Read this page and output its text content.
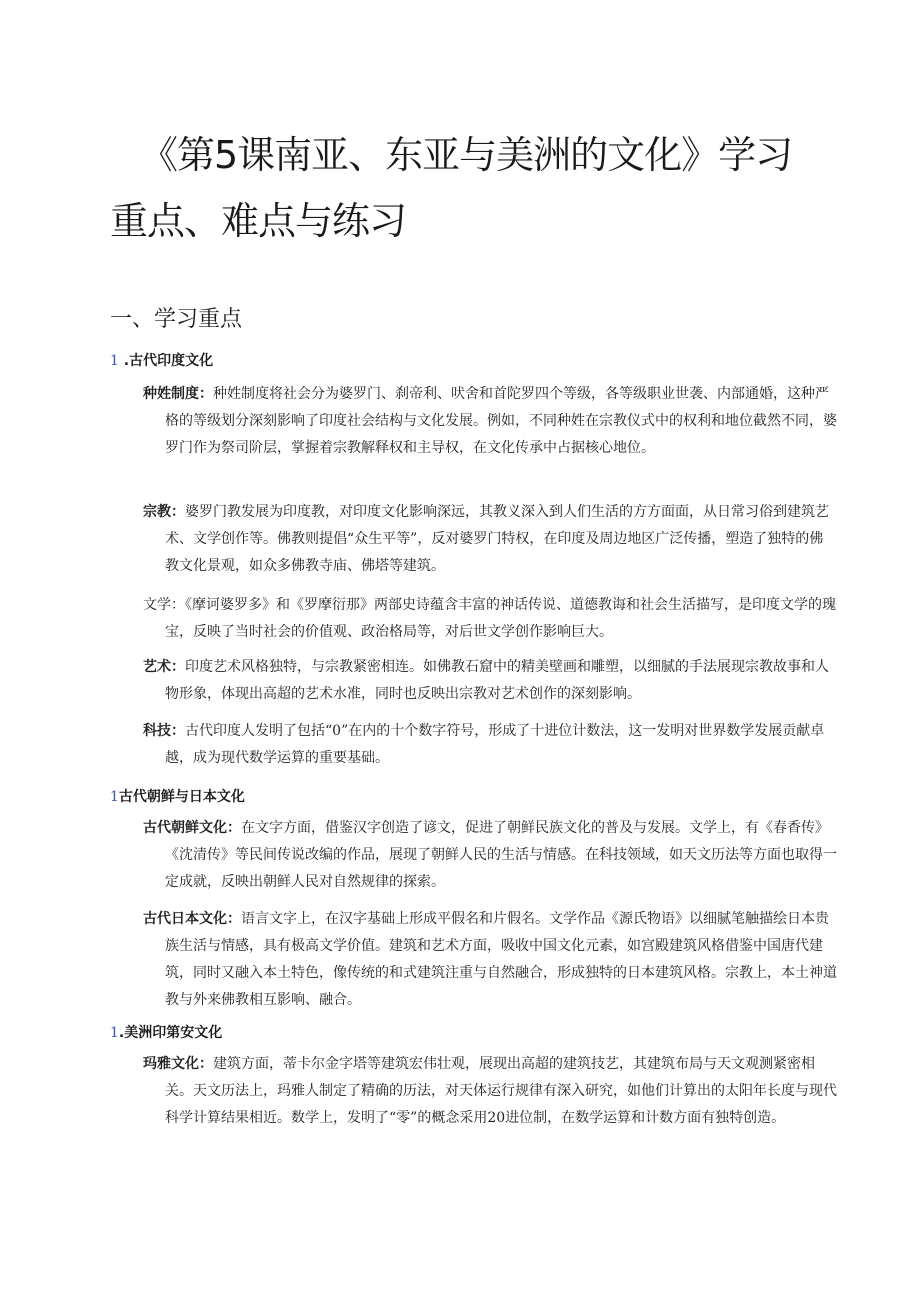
《第5课南亚、东亚与美洲的文化》学习
重点、难点与练习
一、学习重点
1 .古代印度文化

种姓制度：种姓制度将社会分为婆罗门、刹帝利、吠舍和首陀罗四个等级，各等级职业世袭、内部通婚，这种严格的等级划分深刻影响了印度社会结构与文化发展。例如，不同种姓在宗教仪式中的权利和地位截然不同，婆罗门作为祭司阶层，掌握着宗教解释权和主导权，在文化传承中占据核心地位。

宗教：婆罗门教发展为印度教，对印度文化影响深远，其教义深入到人们生活的方方面面，从日常习俗到建筑艺术、文学创作等。佛教则提倡“众生平等”，反对婆罗门特权，在印度及周边地区广泛传播，塑造了独特的佛教文化景观，如众多佛教寺庙、佛塔等建筑。

文学：《摩诃婆罗多》和《罗摩衍那》两部史诗蕴含丰富的神话传说、道德教诲和社会生活描写，是印度文学的瑰宝，反映了当时社会的价值观、政治格局等，对后世文学创作影响巨大。

艺术：印度艺术风格独特，与宗教紧密相连。如佛教石窟中的精美壁画和雕塑，以细腻的手法展现宗教故事和人物形象，体现出高超的艺术水准，同时也反映出宗教对艺术创作的深刻影响。

科技：古代印度人发明了包括“0”在内的十个数字符号，形成了十进位计数法，这一发明对世界数学发展贡献卓越，成为现代数学运算的重要基础。

1古代朝鲜与日本文化

古代朝鲜文化：在文字方面，借鉴汉字创造了谚文，促进了朝鲜民族文化的普及与发展。文学上，有《春香传》《沈清传》等民间传说改编的作品，展现了朝鲜人民的生活与情感。在科技领域，如天文历法等方面也取得一定成就，反映出朝鲜人民对自然规律的探索。

古代日本文化：语言文字上，在汉字基础上形成平假名和片假名。文学作品《源氏物语》以细腻笔触描绘日本贵族生活与情感，具有极高文学价值。建筑和艺术方面，吸收中国文化元素，如宫殿建筑风格借鉴中国唐代建筑，同时又融入本土特色，像传统的和式建筑注重与自然融合，形成独特的日本建筑风格。宗教上，本土神道教与外来佛教相互影响、融合。

1.美洲印第安文化

玛雅文化：建筑方面，蒂卡尔金字塔等建筑宏伟壮观，展现出高超的建筑技艺，其建筑布局与天文观测紧密相关。天文历法上，玛雅人制定了精确的历法，对天体运行规律有深入研究，如他们计算出的太阳年长度与现代科学计算结果相近。数学上，发明了“零”的概念采用20进位制，在数学运算和计数方面有独特创造。
